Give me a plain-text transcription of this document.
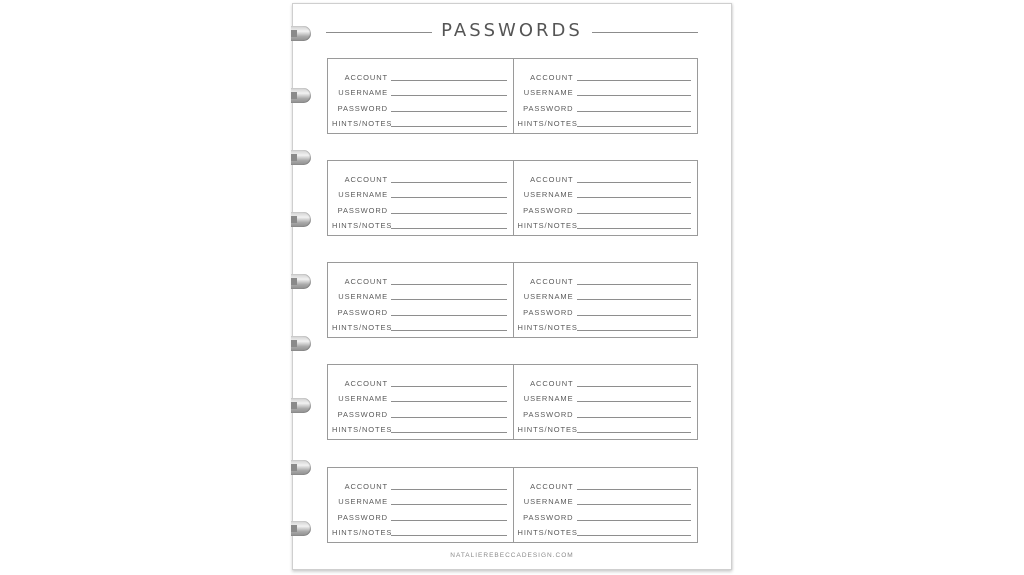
PASSWORDS
ACCOUNT
USERNAME
PASSWORD
HINTS/NOTES
ACCOUNT
USERNAME
PASSWORD
HINTS/NOTES
ACCOUNT
USERNAME
PASSWORD
HINTS/NOTES
ACCOUNT
USERNAME
PASSWORD
HINTS/NOTES
ACCOUNT
USERNAME
PASSWORD
HINTS/NOTES
ACCOUNT
USERNAME
PASSWORD
HINTS/NOTES
ACCOUNT
USERNAME
PASSWORD
HINTS/NOTES
ACCOUNT
USERNAME
PASSWORD
HINTS/NOTES
ACCOUNT
USERNAME
PASSWORD
HINTS/NOTES
ACCOUNT
USERNAME
PASSWORD
HINTS/NOTES
NATALIEREBECCADESIGN.COM
